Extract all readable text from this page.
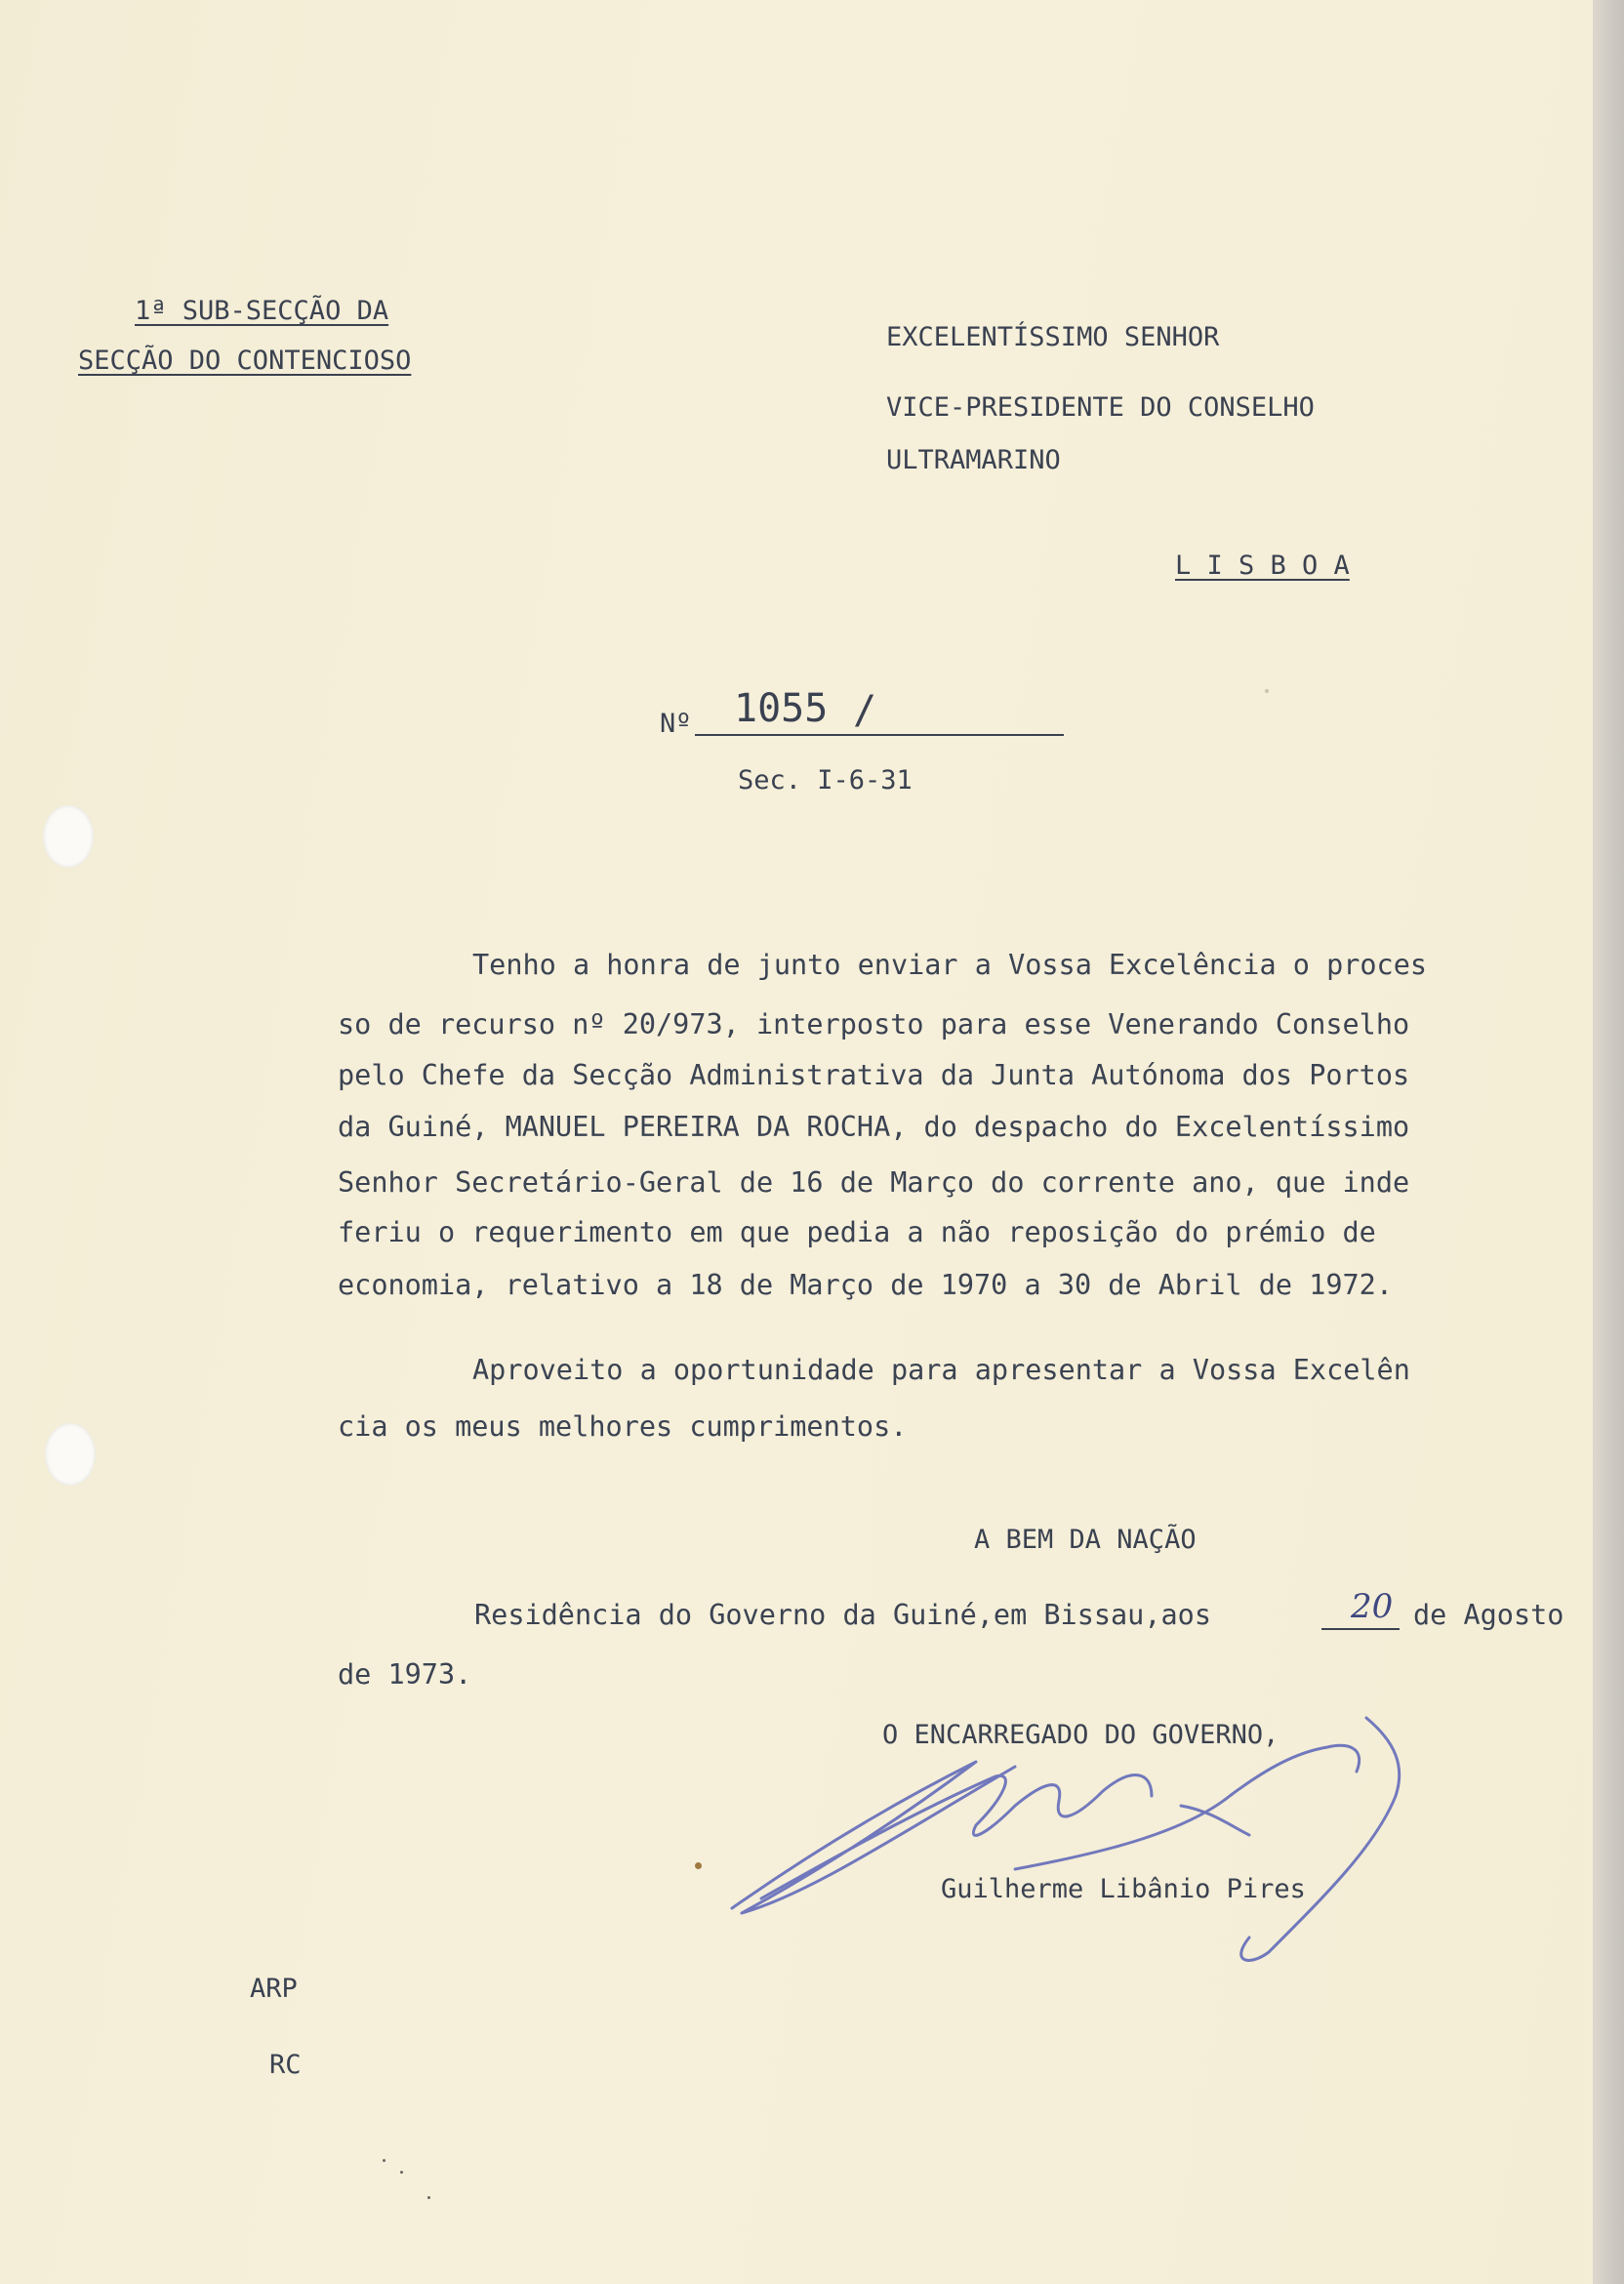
1ª SUB-SECÇÃO DA

SECÇÃO DO CONTENCIOSO

EXCELENTÍSSIMO SENHOR

VICE-PRESIDENTE DO CONSELHO

ULTRAMARINO

L I S B O A

Nº 1055 /

Sec. I-6-31

Tenho a honra de junto enviar a Vossa Excelência o proces

so de recurso nº 20/973, interposto para esse Venerando Conselho

pelo Chefe da Secção Administrativa da Junta Autónoma dos Portos

da Guiné, MANUEL PEREIRA DA ROCHA, do despacho do Excelentíssimo

Senhor Secretário-Geral de 16 de Março do corrente ano, que inde

feriu o requerimento em que pedia a não reposição do prémio de

economia, relativo a 18 de Março de 1970 a 30 de Abril de 1972.

Aproveito a oportunidade para apresentar a Vossa Excelên

cia os meus melhores cumprimentos.

A BEM DA NAÇÃO

Residência do Governo da Guiné,em Bissau,aos	20 de Agosto

de 1973.

O ENCARREGADO DO GOVERNO,

Guilherme Libânio Pires

ARP

RC
